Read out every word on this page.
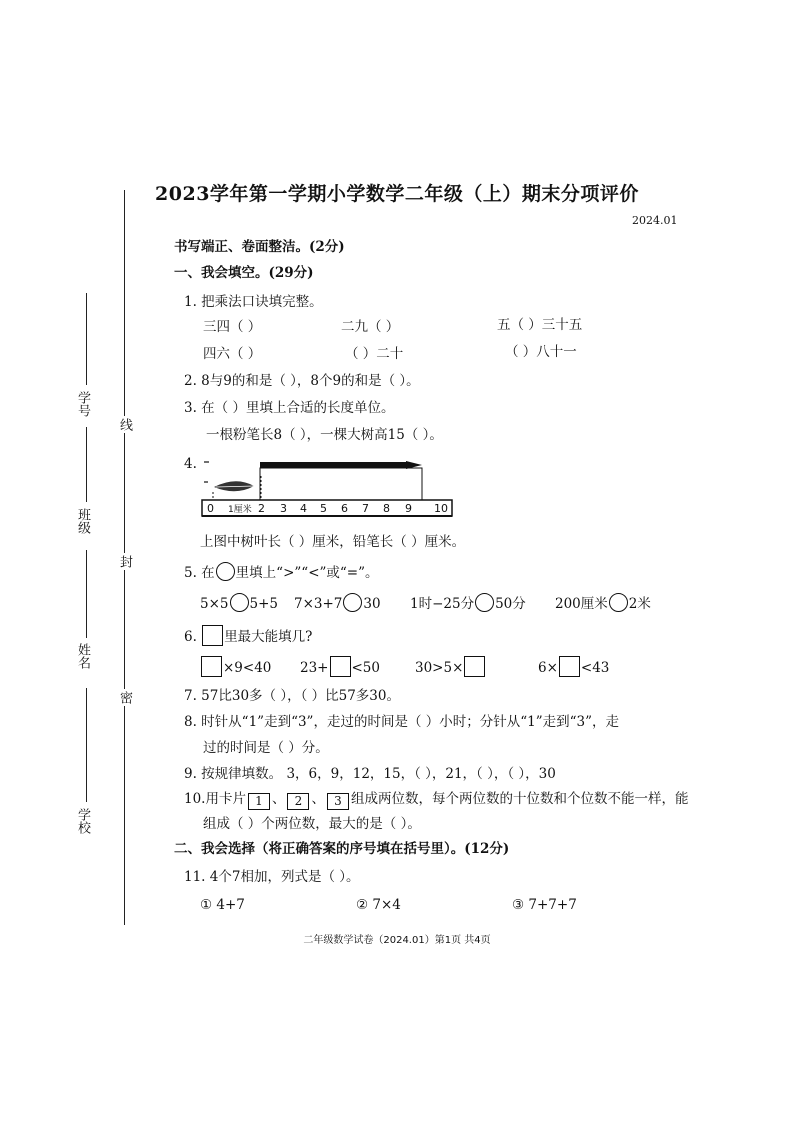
线
封
密
学号
班级
姓名
学校
2023学年第一学期小学数学二年级（上）期末分项评价
2024.01
书写端正、卷面整洁。(2分)
一、我会填空。(29分)
1. 把乘法口诀填完整。
三四（ ）	二九（ ）	五（ ）三十五
四六（ ）	（ ）二十	（ ）八十一
2. 8与9的和是（ ），8个9的和是（ ）。
3. 在（ ）里填上合适的长度单位。
一根粉笔长8（ ），一棵大树高15（ ）。
4.
0 1厘米 2 3 4 5 6 7 8 9 10
上图中树叶长（ ）厘米，铅笔长（ ）厘米。
5. 在 里填上“>”“<”或“=”。
5×5 5+5 7×3+7 30 1时−25分 50分 200厘米 2米
6. 里最大能填几?
×9<40 23+ <50	30>5×	6× <43
7. 57比30多（ ），（ ）比57多30。
8. 时针从“1”走到“3”，走过的时间是（ ）小时；分针从“1”走到“3”，走
过的时间是（ ）分。
9. 按规律填数。 3，6，9，12，15，（ ），21，（ ），（ ），30
10.用卡片 1 、 2 、 3 组成两位数，每个两位数的十位数和个位数不能一样，能
组成（ ）个两位数，最大的是（ ）。
二、我会选择（将正确答案的序号填在括号里）。(12分)
11. 4个7相加，列式是（ ）。
① 4+7	② 7×4	③ 7+7+7
二年级数学试卷（2024.01）第1页 共4页
